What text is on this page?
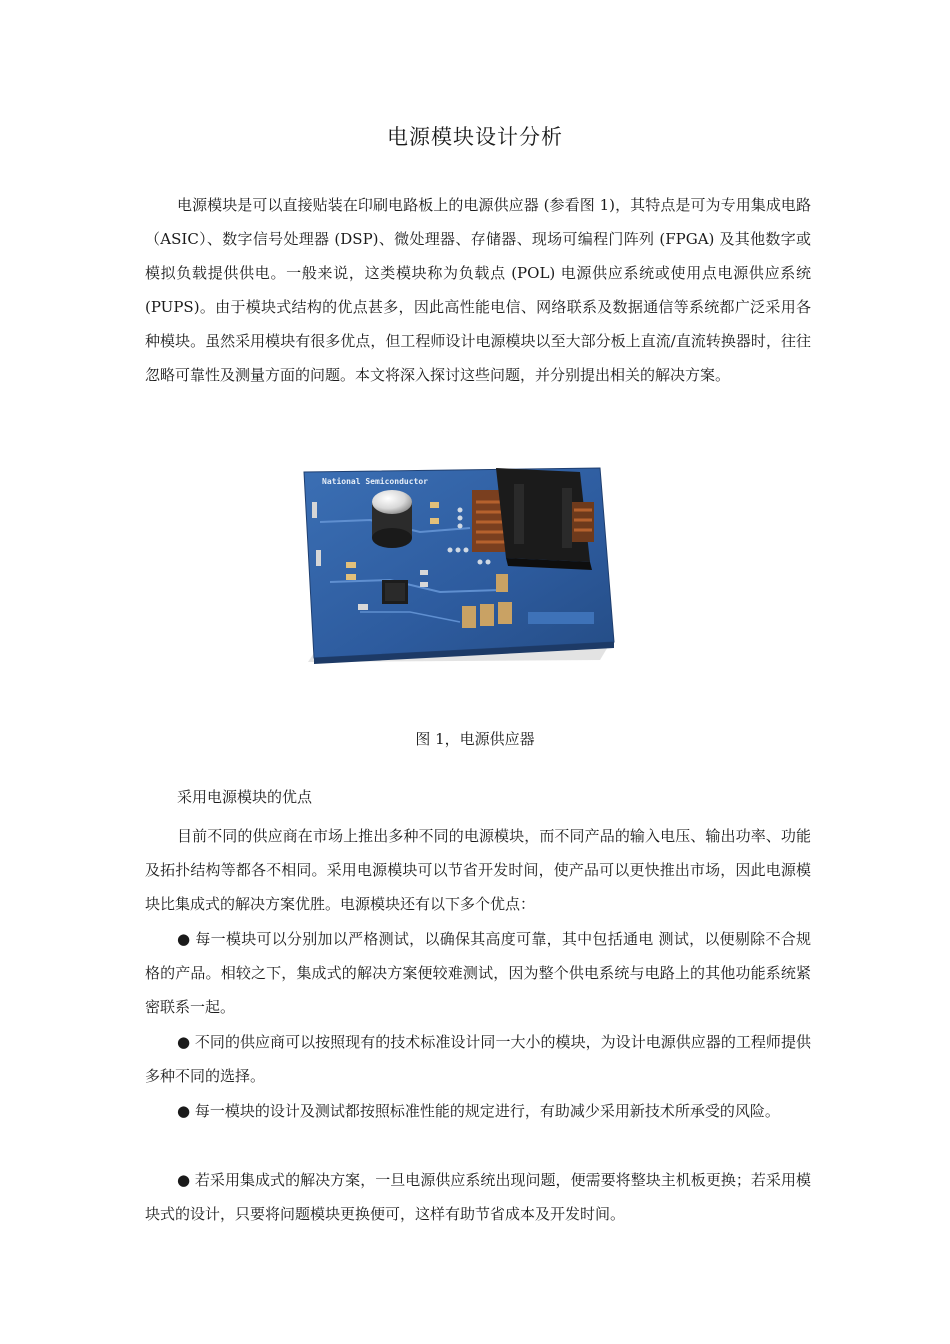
电源模块设计分析

电源模块是可以直接贴装在印刷电路板上的电源供应器 (参看图 1)，其特点是可为专用集成电路（ASIC）、数字信号处理器 (DSP)、微处理器、存储器、现场可编程门阵列 (FPGA) 及其他数字或模拟负载提供供电。一般来说，这类模块称为负载点 (POL) 电源供应系统或使用点电源供应系统 (PUPS)。由于模块式结构的优点甚多，因此高性能电信、网络联系及数据通信等系统都广泛采用各种模块。虽然采用模块有很多优点，但工程师设计电源模块以至大部分板上直流/直流转换器时，往往忽略可靠性及测量方面的问题。本文将深入探讨这些问题，并分别提出相关的解决方案。

National Semiconductor
图 1，电源供应器
采用电源模块的优点

目前不同的供应商在市场上推出多种不同的电源模块，而不同产品的输入电压、输出功率、功能及拓扑结构等都各不相同。采用电源模块可以节省开发时间，使产品可以更快推出市场，因此电源模块比集成式的解决方案优胜。电源模块还有以下多个优点：

● 每一模块可以分别加以严格测试，以确保其高度可靠，其中包括通电 测试，以便剔除不合规格的产品。相较之下，集成式的解决方案便较难测试，因为整个供电系统与电路上的其他功能系统紧密联系一起。

● 不同的供应商可以按照现有的技术标准设计同一大小的模块，为设计电源供应器的工程师提供多种不同的选择。

● 每一模块的设计及测试都按照标准性能的规定进行，有助减少采用新技术所承受的风险。

● 若采用集成式的解决方案，一旦电源供应系统出现问题，便需要将整块主机板更换；若采用模块式的设计，只要将问题模块更换便可，这样有助节省成本及开发时间。
